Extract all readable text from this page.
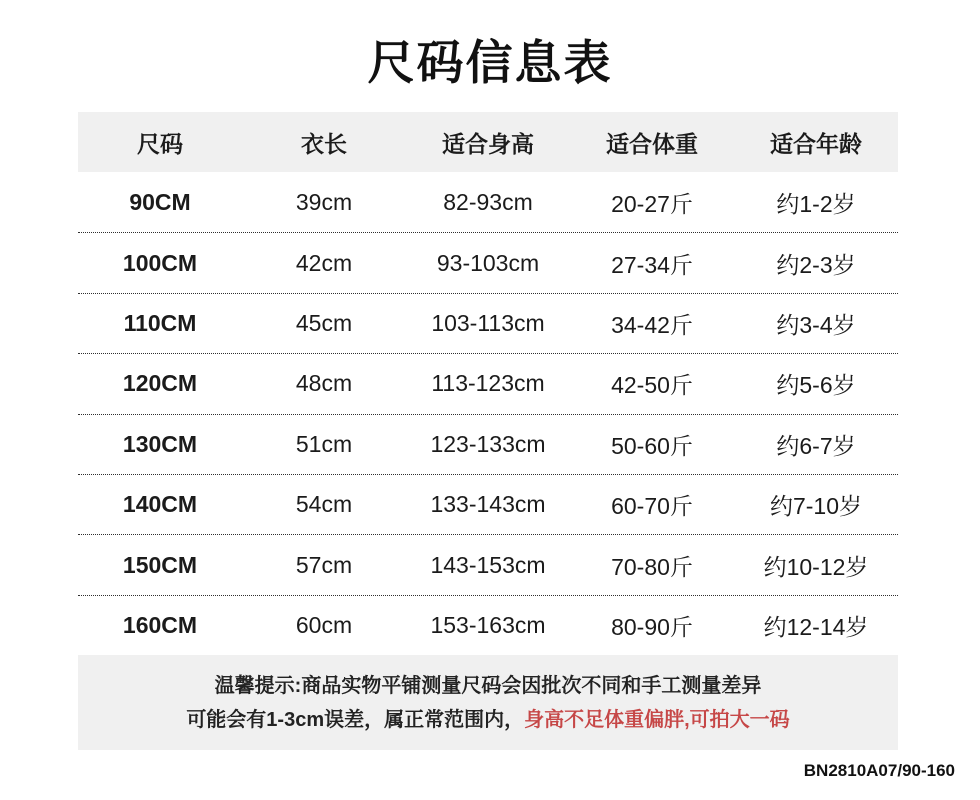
尺码信息表
尺码	衣长	适合身高	适合体重	适合年龄
90CM	39cm	82-93cm	20-27斤	约1-2岁
100CM	42cm	93-103cm	27-34斤	约2-3岁
110CM	45cm	103-113cm	34-42斤	约3-4岁
120CM	48cm	113-123cm	42-50斤	约5-6岁
130CM	51cm	123-133cm	50-60斤	约6-7岁
140CM	54cm	133-143cm	60-70斤	约7-10岁
150CM	57cm	143-153cm	70-80斤	约10-12岁
160CM	60cm	153-163cm	80-90斤	约12-14岁
温馨提示:商品实物平铺测量尺码会因批次不同和手工测量差异
可能会有1-3cm误差，属正常范围内，身高不足体重偏胖,可拍大一码
BN2810A07/90-160
